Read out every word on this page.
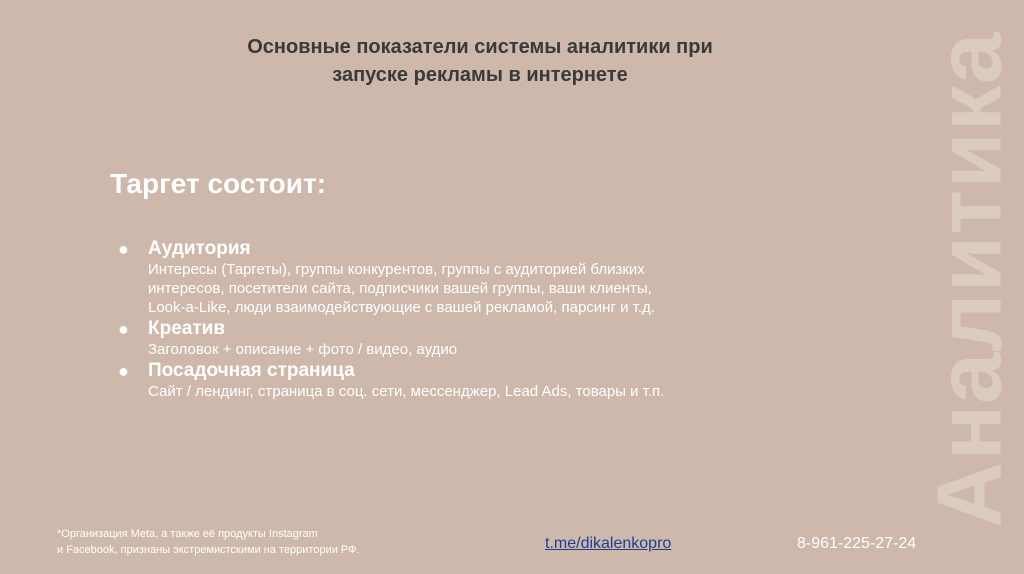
Основные показатели системы аналитики при
запуске рекламы в интернете	Аналитика
Таргет состоит:
● Аудитория
Интересы (Таргеты), группы конкурентов, группы с аудиторией близких
интересов, посетители сайта, подписчики вашей группы, ваши клиенты,
Look-a-Like, люди взаимодействующие с вашей рекламой, парсинг и т.д.
● Креатив
Заголовок + описание + фото / видео, аудио
● Посадочная страница
Сайт / лендинг, страница в соц. сети, мессенджер, Lead Ads, товары и т.п.
*Организация Meta, а также её продукты Instagram
и Facebook, признаны экстремистскими на территории РФ.	t.me/dikalenkopro	8-961-225-27-24
